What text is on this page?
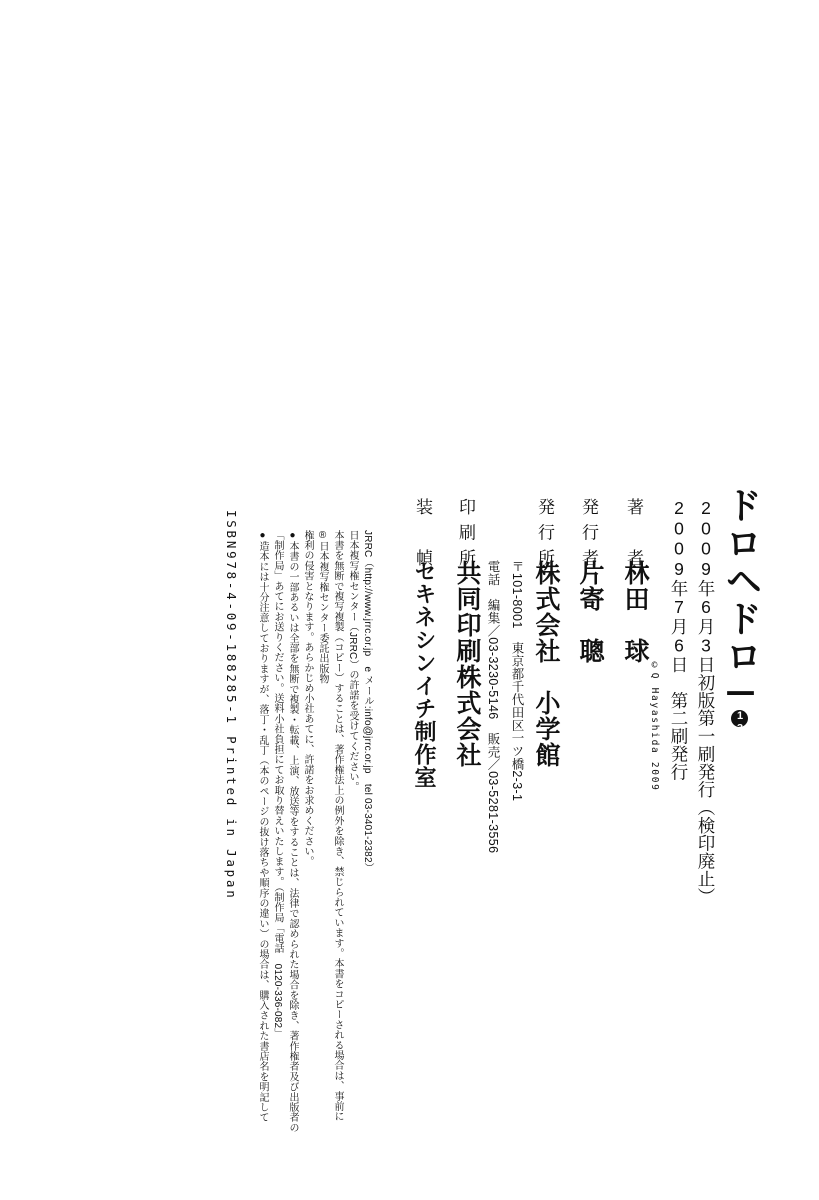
ドロヘドロ—13
2009年6月3日初版第一刷発行（検印廃止）
2009年7月6日　第二刷発行
著　者
林田　球
©Q Hayashida 2009
発行者
片寄　聰
発行所
株式会社　小学館
〒101-8001　東京都千代田区一ツ橋2-3-1
電話　編集／03-3230-5146　販売／03-5281-3556
印刷所
共同印刷株式会社
装　幀
セキネシンイチ制作室
ISBN978-4-09-188285-1 Printed in Japan ●造本には十分注意しておりますが、落丁・乱丁（本のページの抜け落ちや順序の違い）の場合は、購入された書店名を明記して 「制作局」あてにお送りください。送料小社負担にてお取り替えいたします。（制作局「電話　0120-336-082」 ●本書の一部あるいは全部を無断で複製・転載、上演、放送等をすることは、法律で認められた場合を除き、著作権者及び出版者の 権利の侵害となります。あらかじめ小社あてに、許諾をお求めください。 ®日本複写権センター委託出版物 本書を無断で複写複製（コピー）することは、著作権法上の例外を除き、禁じられています。本書をコピーされる場合は、事前に 日本複写権センター（JRRC）の許諾を受けてください。 JRRC（http://www.jrrc.or.jp　e メール:info@jrrc.or.jp　tel 03-3401-2382）
